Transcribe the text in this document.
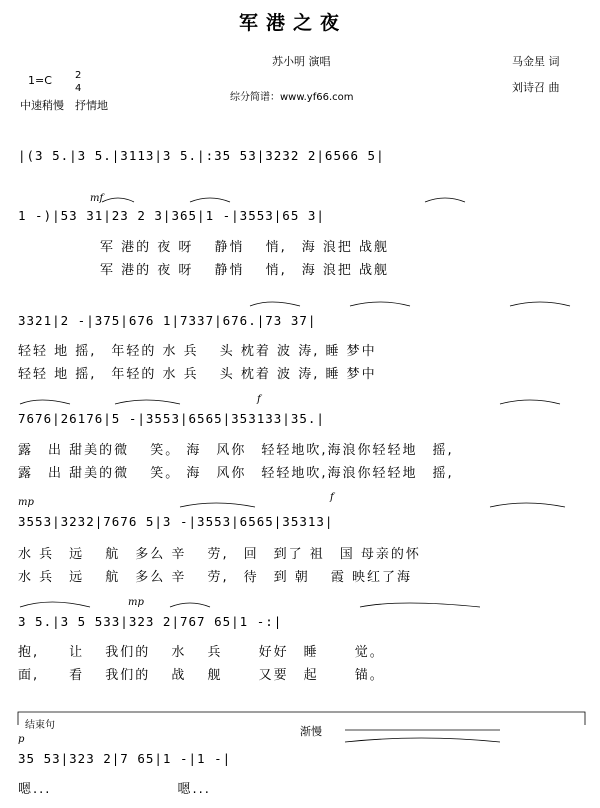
军港之夜
苏小明 演唱	马金星 词
刘诗召 曲
1=C 2
4
中速稍慢　抒情地
综分简谱：www.yf66.com
|(3 5.|3 5.|3113|3 5.|:35 53|3232 2|6566 5|
mf
1 -)|53 31|23 2 3|365|1 -|3553|65 3|
军 港的 夜 呀　 静悄　 悄,　海 浪把 战舰
军 港的 夜 呀　 静悄　 悄,　海 浪把 战舰
3321|2 -|375|676 1|7337|676.|73 37|
轻轻 地 摇,　年轻的 水 兵　 头 枕着 波 涛, 睡 梦中
轻轻 地 摇,　年轻的 水 兵　 头 枕着 波 涛, 睡 梦中
f
7676|26176|5 -|3553|6565|353133|35.|
露　出 甜美的微　 笑。 海　风你　轻轻地吹,海浪你轻轻地　摇,
露　出 甜美的微　 笑。 海　风你　轻轻地吹,海浪你轻轻地　摇,
mp	f
3553|3232|7676 5|3 -|3553|6565|35313|
水 兵　远　 航　多么 辛　 劳,　回　到了 祖　国 母亲的怀
水 兵　远　 航　多么 辛　 劳,　待　到 朝　 霞 映红了海
mp
3 5.|3 5 533|323 2|767 65|1 -:|
抱,　　让　 我们的　 水　 兵　　 好好　睡　　 觉。
面,　　看　 我们的　 战　 舰　　 又要　起　　 锚。
结束句	渐慢
p
35 53|323 2|7 65|1 -|1 -|
嗯...　　　　　　　　 嗯...
